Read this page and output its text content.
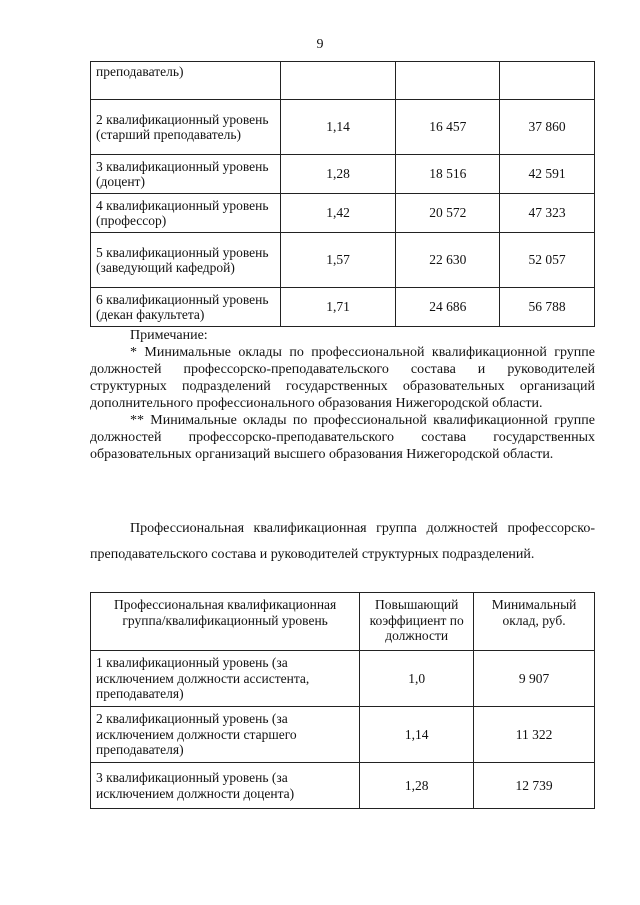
9
преподаватель)			
2 квалификационный уровень (старший преподаватель)	1,14	16 457	37 860
3 квалификационный уровень (доцент)	1,28	18 516	42 591
4 квалификационный уровень (профессор)	1,42	20 572	47 323
5 квалификационный уровень (заведующий кафедрой)	1,57	22 630	52 057
6 квалификационный уровень (декан факультета)	1,71	24 686	56 788

Примечание:

* Минимальные оклады по профессиональной квалификационной группе должностей профессорско-преподавательского состава и руководителей структурных подразделений государственных образовательных организаций дополнительного профессионального образования Нижегородской области.

** Минимальные оклады по профессиональной квалификационной группе должностей профессорско-преподавательского состава государственных образовательных организаций высшего образования Нижегородской области.

Профессиональная квалификационная группа должностей профессорско-преподавательского состава и руководителей структурных подразделений.

Профессиональная квалификационная группа/квалификационный уровень	Повышающий коэффициент по должности	Минимальный оклад, руб.
1 квалификационный уровень (за исключением должности ассистента, преподавателя)	1,0	9 907
2 квалификационный уровень (за исключением должности старшего преподавателя)	1,14	11 322
3 квалификационный уровень (за исключением должности доцента)	1,28	12 739
